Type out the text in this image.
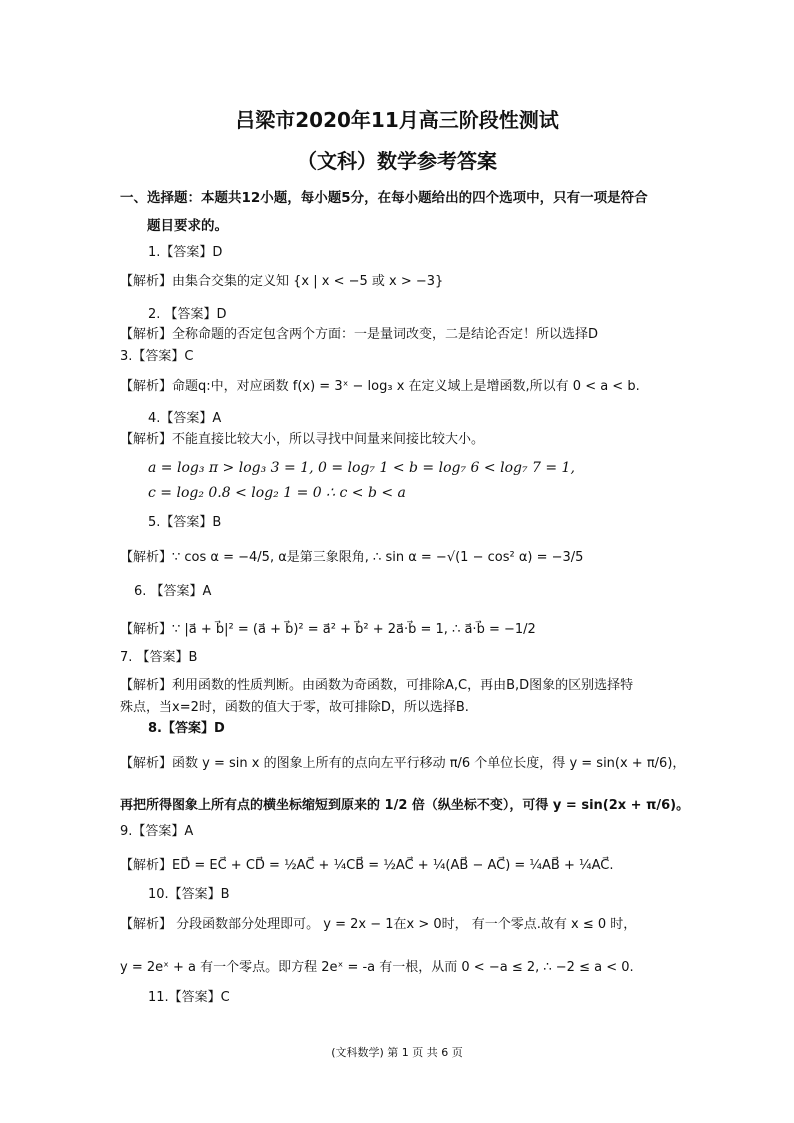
吕梁市2020年11月高三阶段性测试
（文科）数学参考答案
一、选择题：本题共12小题，每小题5分，在每小题给出的四个选项中，只有一项是符合
题目要求的。
1.【答案】D
【解析】由集合交集的定义知 {x | x < −5 或 x > −3}
2. 【答案】D
【解析】全称命题的否定包含两个方面：一是量词改变，二是结论否定！所以选择D
3.【答案】C
【解析】命题q:中，对应函数 f(x) = 3ˣ − log₃ x 在定义域上是增函数,所以有 0 < a < b.
4.【答案】A
【解析】不能直接比较大小，所以寻找中间量来间接比较大小。
a = log₃ π > log₃ 3 = 1, 0 = log₇ 1 < b = log₇ 6 < log₇ 7 = 1,
c = log₂ 0.8 < log₂ 1 = 0 ∴ c < b < a
5.【答案】B
【解析】∵ cos α = −4/5, α是第三象限角, ∴ sin α = −√(1 − cos² α) = −3/5
6. 【答案】A
【解析】∵ |a⃗ + b⃗|² = (a⃗ + b⃗)² = a⃗² + b⃗² + 2a⃗·b⃗ = 1, ∴ a⃗·b⃗ = −1/2
7. 【答案】B
【解析】利用函数的性质判断。由函数为奇函数，可排除A,C，再由B,D图象的区别选择特
殊点，当x=2时，函数的值大于零，故可排除D，所以选择B.
8.【答案】D
【解析】函数 y = sin x 的图象上所有的点向左平行移动 π/6 个单位长度，得 y = sin(x + π/6)，
再把所得图象上所有点的横坐标缩短到原来的 1/2 倍（纵坐标不变），可得 y = sin(2x + π/6)。
9.【答案】A
【解析】ED⃗ = EC⃗ + CD⃗ = ½AC⃗ + ¼CB⃗ = ½AC⃗ + ¼(AB⃗ − AC⃗) = ¼AB⃗ + ¼AC⃗.
10.【答案】B
【解析】 分段函数部分处理即可。 y = 2x − 1在x > 0时， 有一个零点.故有 x ≤ 0 时，
y = 2eˣ + a 有一个零点。即方程 2eˣ = -a 有一根，从而 0 < −a ≤ 2, ∴ −2 ≤ a < 0.
11.【答案】C
(文科数学) 第 1 页 共 6 页
